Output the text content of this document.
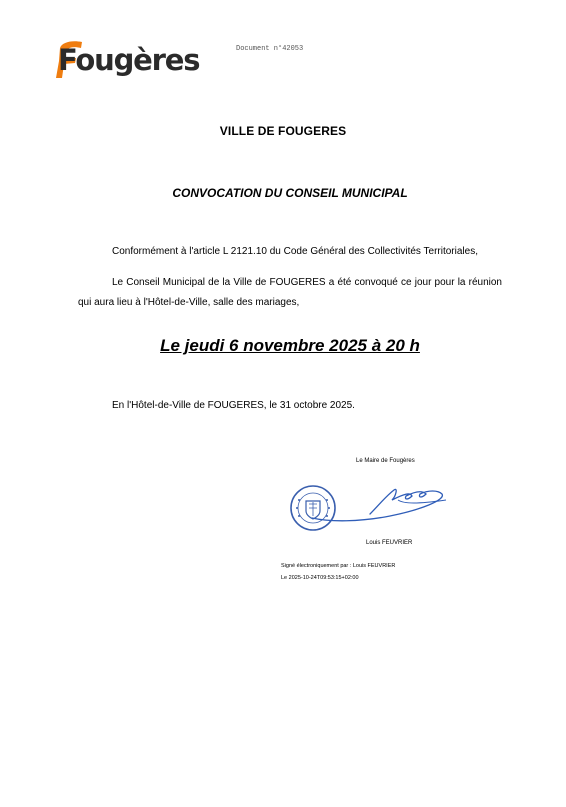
Fougères	Document n°42053
VILLE DE FOUGERES
CONVOCATION DU CONSEIL MUNICIPAL
Conformément à l'article L 2121.10 du Code Général des Collectivités Territoriales,
Le Conseil Municipal de la Ville de FOUGERES a été convoqué ce jour pour la réunion qui aura lieu à l'Hôtel-de-Ville, salle des mariages,
Le jeudi 6 novembre 2025 à 20 h
En l'Hôtel-de-Ville de FOUGERES, le 31 octobre 2025.
Le Maire de Fougères
Louis FEUVRIER
Signé électroniquement par : Louis FEUVRIER
Le 2025-10-24T09:53:15+02:00
